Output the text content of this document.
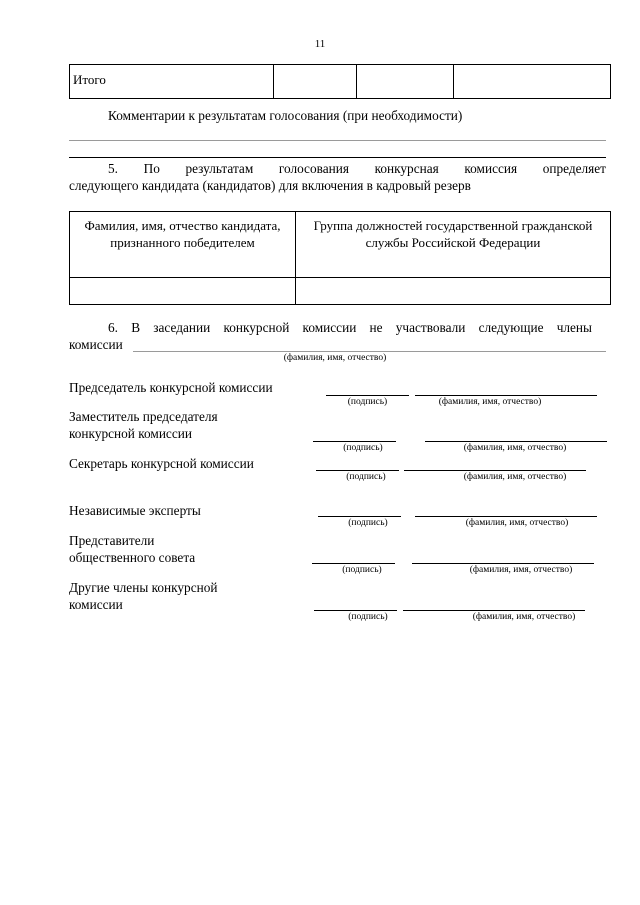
11
Итого			
Комментарии к результатам голосования (при необходимости)
5. По результатам голосования конкурсная комиссия определяет
следующего кандидата (кандидатов) для включения в кадровый резерв
Фамилия, имя, отчество кандидата, признанного победителем	Группа должностей государственной гражданской службы Российской Федерации

6. В заседании конкурсной комиссии не участвовали следующие члены
комиссии
(фамилия, имя, отчество)
Председатель конкурсной комиссии
(подпись)	(фамилия, имя, отчество)
Заместитель председателя конкурсной комиссии
(подпись)	(фамилия, имя, отчество)
Секретарь конкурсной комиссии
(подпись)	(фамилия, имя, отчество)
Независимые эксперты
(подпись)	(фамилия, имя, отчество)
Представители общественного совета
(подпись)	(фамилия, имя, отчество)
Другие члены конкурсной комиссии
(подпись)	(фамилия, имя, отчество)
